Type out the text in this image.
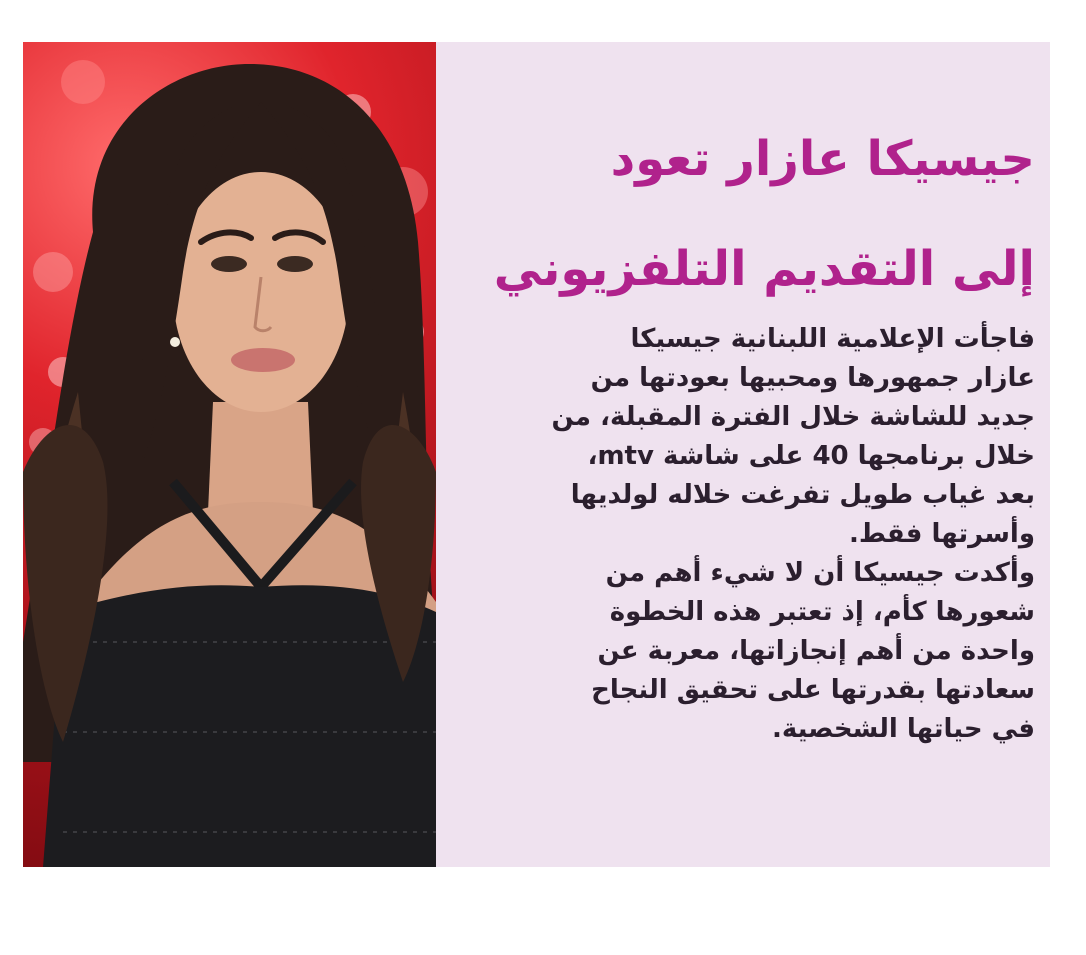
جيسيكا عازار تعود
إلى التقديم التلفزيوني

فاجأت الإعلامية اللبنانية جيسيكا
عازار جمهورها ومحبيها بعودتها من
جديد للشاشة خلال الفترة المقبلة، من
خلال برنامجها 40 على شاشة mtv،
بعد غياب طويل تفرغت خلاله لولديها
وأسرتها فقط.

وأكدت جيسيكا أن لا شيء أهم من
شعورها كأم، إذ تعتبر هذه الخطوة
واحدة من أهم إنجازاتها، معربة عن
سعادتها بقدرتها على تحقيق النجاح
في حياتها الشخصية.
